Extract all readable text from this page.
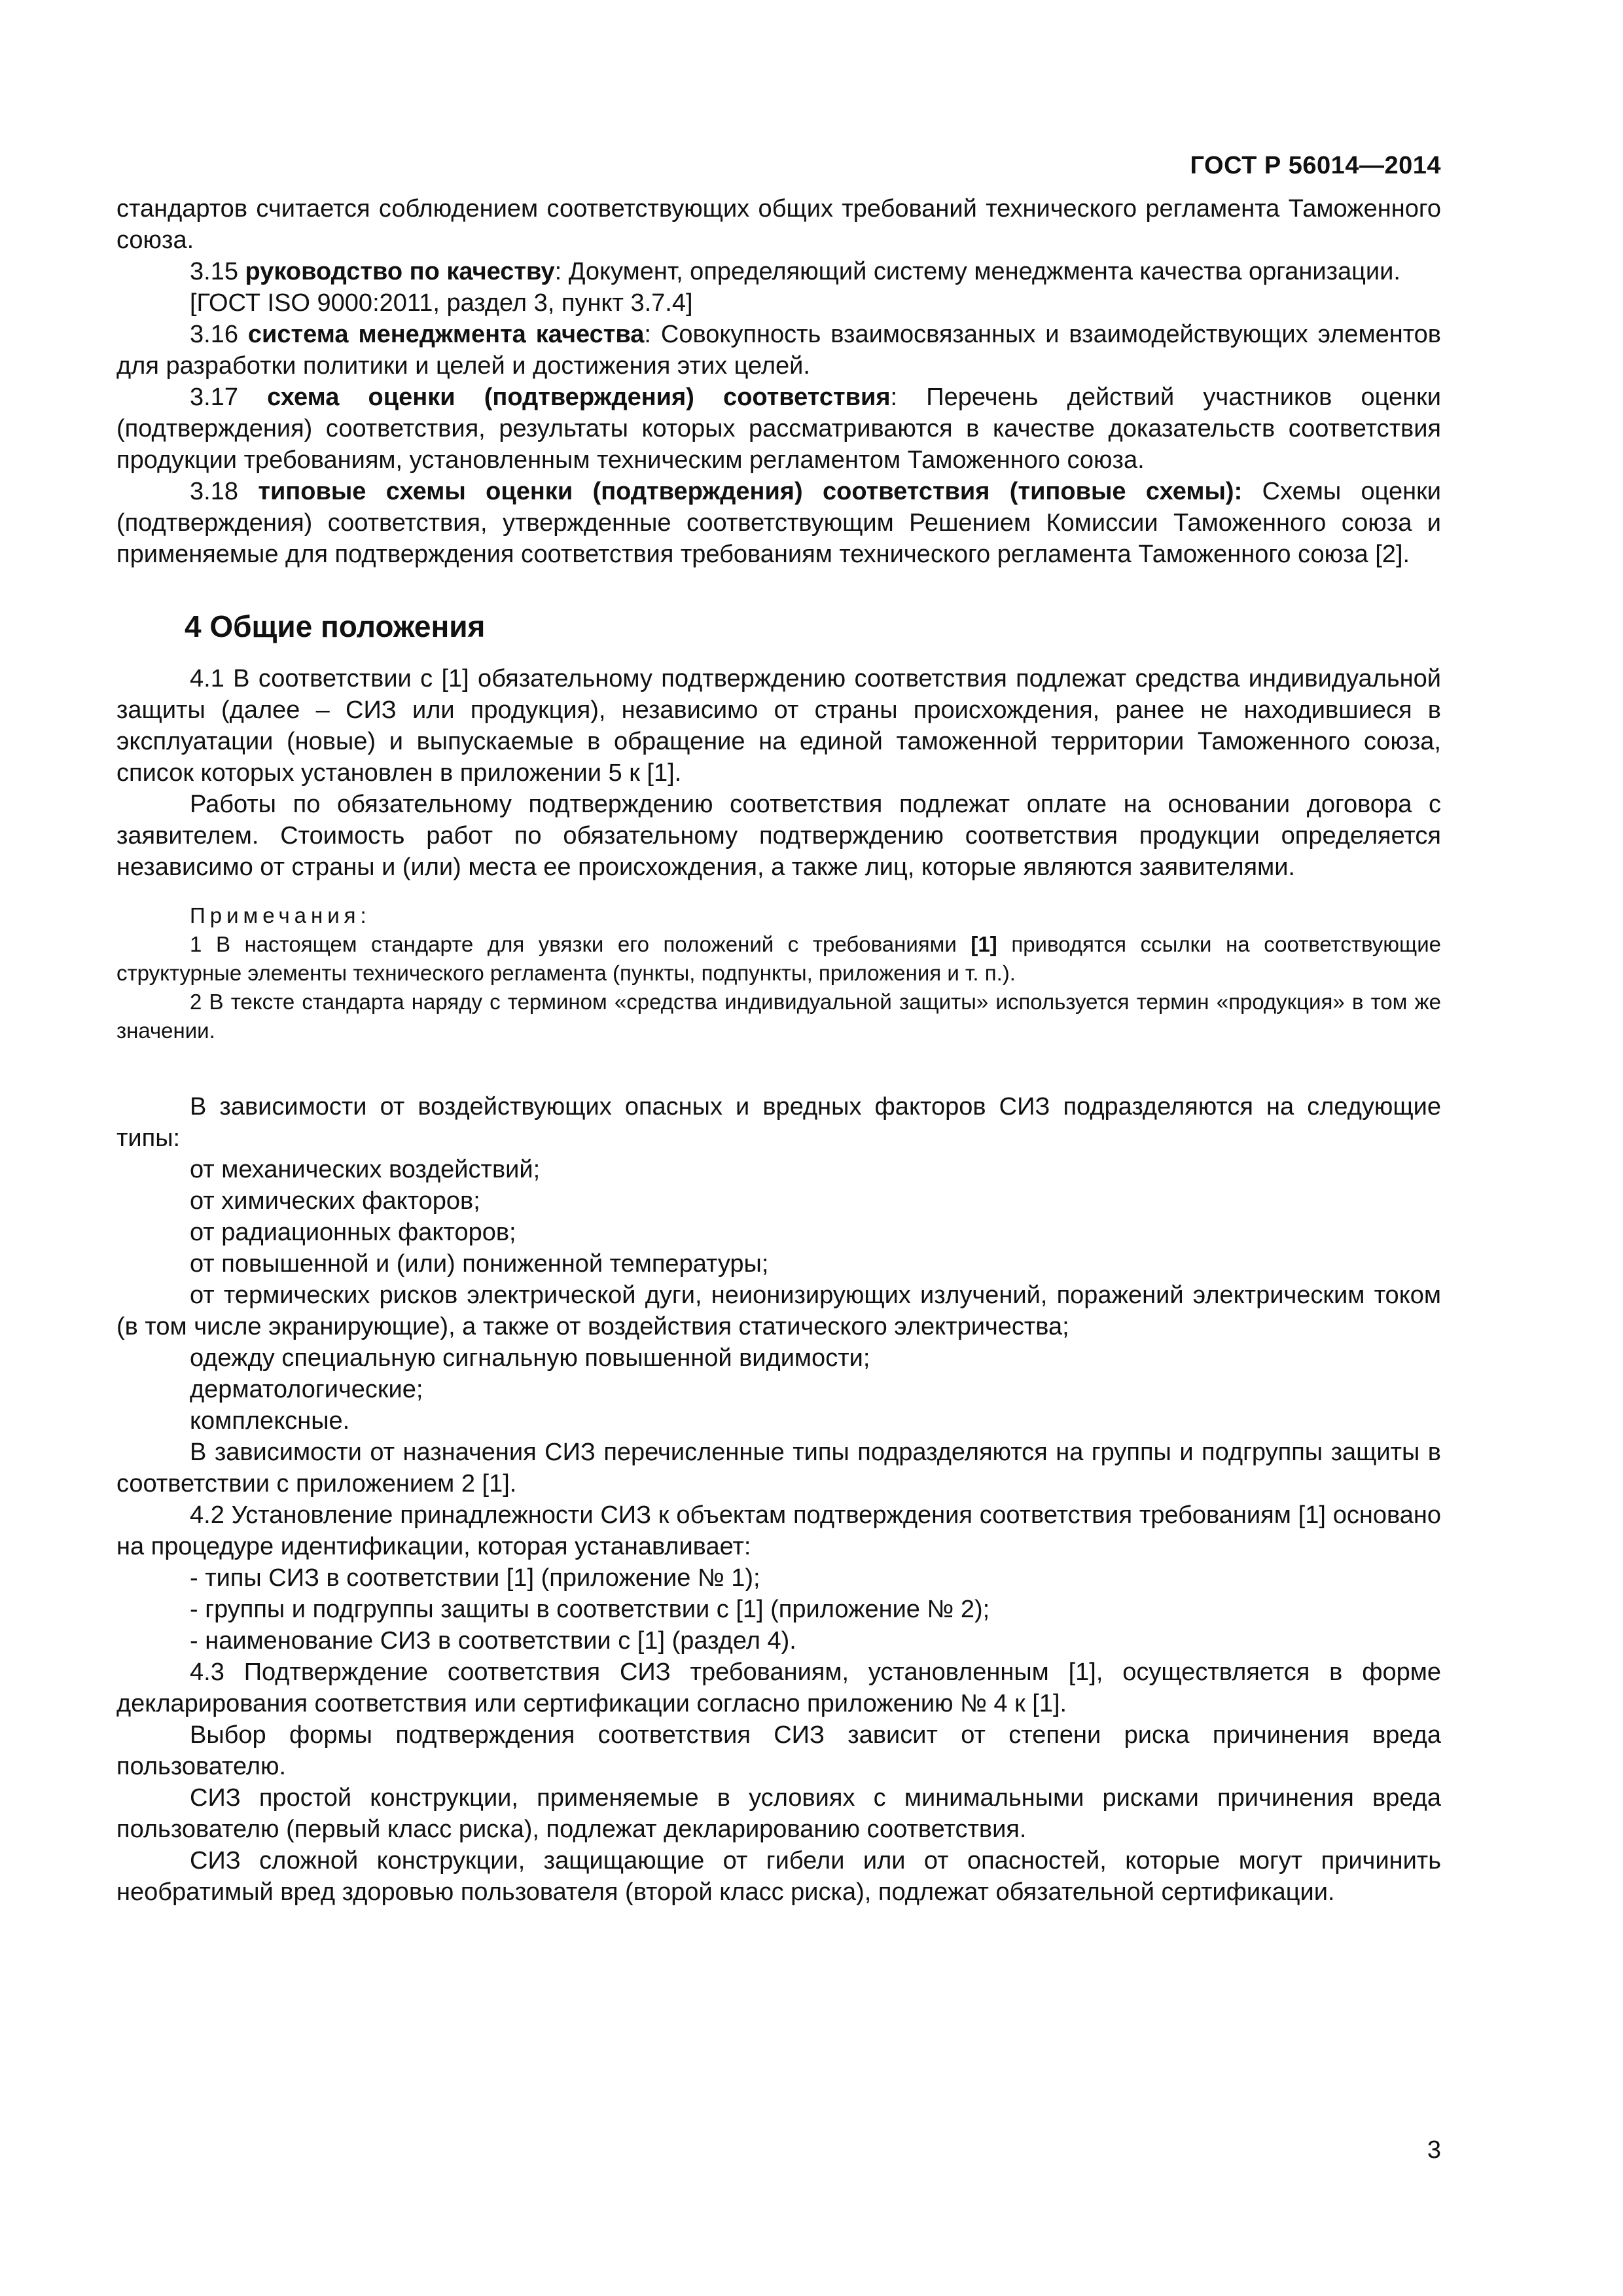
ГОСТ Р 56014—2014

стандартов считается соблюдением соответствующих общих требований технического регламента Таможенного союза.

3.15 руководство по качеству: Документ, определяющий систему менеджмента качества организации.

[ГОСТ ISO 9000:2011, раздел 3, пункт 3.7.4]

3.16 система менеджмента качества: Совокупность взаимосвязанных и взаимодействующих элементов для разработки политики и целей и достижения этих целей.

3.17 схема оценки (подтверждения) соответствия: Перечень действий участников оценки (подтверждения) соответствия, результаты которых рассматриваются в качестве доказательств соответствия продукции требованиям, установленным техническим регламентом Таможенного союза.

3.18 типовые схемы оценки (подтверждения) соответствия (типовые схемы): Схемы оценки (подтверждения) соответствия, утвержденные соответствующим Решением Комиссии Таможенного союза и применяемые для подтверждения соответствия требованиям технического регламента Таможенного союза [2].

4 Общие положения

4.1 В соответствии с [1] обязательному подтверждению соответствия подлежат средства индивидуальной защиты (далее – СИЗ или продукция), независимо от страны происхождения, ранее не находившиеся в эксплуатации (новые) и выпускаемые в обращение на единой таможенной территории Таможенного союза, список которых установлен в приложении 5 к [1].

Работы по обязательному подтверждению соответствия подлежат оплате на основании договора с заявителем. Стоимость работ по обязательному подтверждению соответствия продукции определяется независимо от страны и (или) места ее происхождения, а также лиц, которые являются заявителями.

Примечания:

1 В настоящем стандарте для увязки его положений с требованиями [1] приводятся ссылки на соответствующие структурные элементы технического регламента (пункты, подпункты, приложения и т. п.).

2 В тексте стандарта наряду с термином «средства индивидуальной защиты» используется термин «продукция» в том же значении.

В зависимости от воздействующих опасных и вредных факторов СИЗ подразделяются на следующие типы:

от механических воздействий;

от химических факторов;

от радиационных факторов;

от повышенной и (или) пониженной температуры;

от термических рисков электрической дуги, неионизирующих излучений, поражений электрическим током (в том числе экранирующие), а также от воздействия статического электричества;

одежду специальную сигнальную повышенной видимости;

дерматологические;

комплексные.

В зависимости от назначения СИЗ перечисленные типы подразделяются на группы и подгруппы защиты в соответствии с приложением 2 [1].

4.2 Установление принадлежности СИЗ к объектам подтверждения соответствия требованиям [1] основано на процедуре идентификации, которая устанавливает:

- типы СИЗ в соответствии [1] (приложение № 1);

- группы и подгруппы защиты в соответствии с [1] (приложение № 2);

- наименование СИЗ в соответствии с [1] (раздел 4).

4.3 Подтверждение соответствия СИЗ требованиям, установленным [1], осуществляется в форме декларирования соответствия или сертификации согласно приложению № 4 к [1].

Выбор формы подтверждения соответствия СИЗ зависит от степени риска причинения вреда пользователю.

СИЗ простой конструкции, применяемые в условиях с минимальными рисками причинения вреда пользователю (первый класс риска), подлежат декларированию соответствия.

СИЗ сложной конструкции, защищающие от гибели или от опасностей, которые могут причинить необратимый вред здоровью пользователя (второй класс риска), подлежат обязательной сертификации.

3
